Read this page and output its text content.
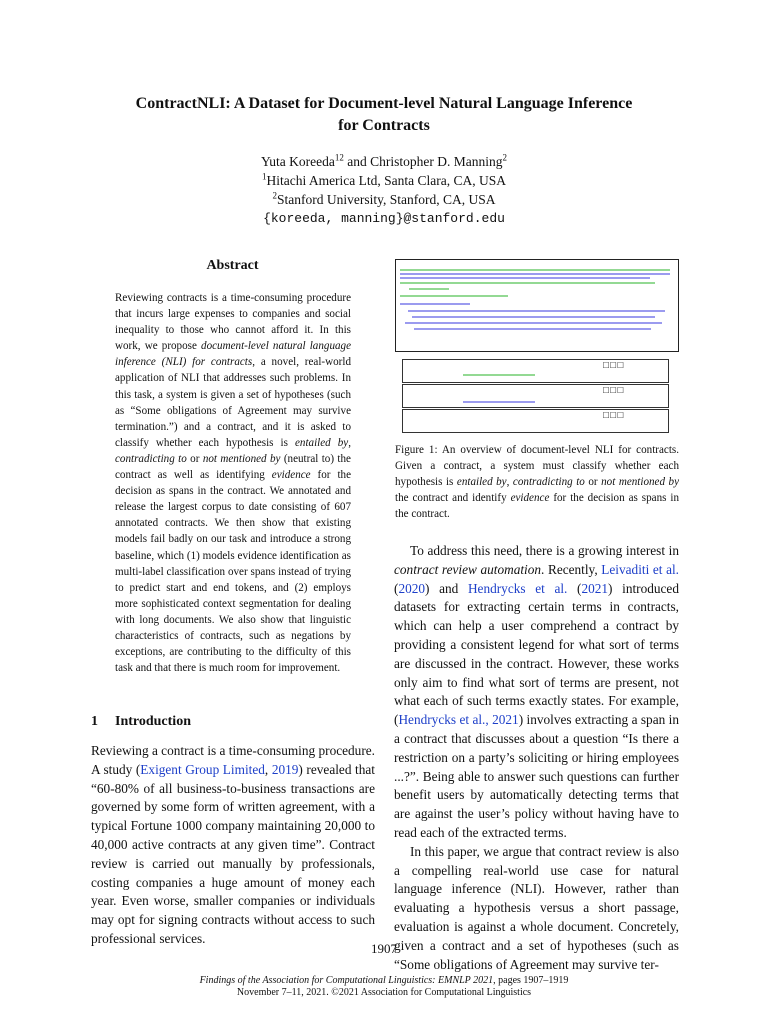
ContractNLI: A Dataset for Document-level Natural Language Inference
for Contracts
Yuta Koreeda$^{12}$ and Christopher D. Manning$^2$
$^1$Hitachi America Ltd, Santa Clara, CA, USA
$^2$Stanford University, Stanford, CA, USA
{koreeda, manning}@stanford.edu
Abstract
Reviewing contracts is a time-consuming procedure that incurs large expenses to companies and social inequality to those who cannot afford it. In this work, we propose document-level natural language inference (NLI) for contracts, a novel, real-world application of NLI that addresses such problems. In this task, a system is given a set of hypotheses (such as “Some obligations of Agreement may survive termination.”) and a contract, and it is asked to classify whether each hypothesis is entailed by, contradicting to or not mentioned by (neutral to) the contract as well as identifying evidence for the decision as spans in the contract. We annotated and release the largest corpus to date consisting of 607 annotated contracts. We then show that existing models fail badly on our task and introduce a strong baseline, which (1) models evidence identification as multi-label classification over spans instead of trying to predict start and end tokens, and (2) employs more sophisticated context segmentation for dealing with long documents. We also show that linguistic characteristics of contracts, such as negations by exceptions, are contributing to the difficulty of this task and that there is much room for improvement.
☐☐☐
☐☐☐
☐☐☐
Figure 1: An overview of document-level NLI for contracts. Given a contract, a system must classify whether each hypothesis is entailed by, contradicting to or not mentioned by the contract and identify evidence for the decision as spans in the contract.
1 Introduction
Reviewing a contract is a time-consuming procedure. A study (Exigent Group Limited, 2019) revealed that “60-80% of all business-to-business transactions are governed by some form of written agreement, with a typical Fortune 1000 company maintaining 20,000 to 40,000 active contracts at any given time”. Contract review is carried out manually by professionals, costing companies a huge amount of money each year. Even worse, smaller companies or individuals may opt for signing contracts without access to such professional services.

To address this need, there is a growing interest in contract review automation. Recently, Leivaditi et al. (2020) and Hendrycks et al. (2021) introduced datasets for extracting certain terms in contracts, which can help a user comprehend a contract by providing a consistent legend for what sort of terms are discussed in the contract. However, these works only aim to find what sort of terms are present, not what each of such terms exactly states. For example, (Hendrycks et al., 2021) involves extracting a span in a contract that discusses about a question “Is there a restriction on a party’s soliciting or hiring employees ...?”. Being able to answer such questions can further benefit users by automatically detecting terms that are against the user’s policy without having have to read each of the extracted terms.

In this paper, we argue that contract review is also a compelling real-world use case for natural language inference (NLI). However, rather than evaluating a hypothesis versus a short passage, evaluation is against a whole document. Concretely, given a contract and a set of hypotheses (such as “Some obligations of Agreement may survive ter-

1907
Findings of the Association for Computational Linguistics: EMNLP 2021, pages 1907–1919
November 7–11, 2021. ©2021 Association for Computational Linguistics
